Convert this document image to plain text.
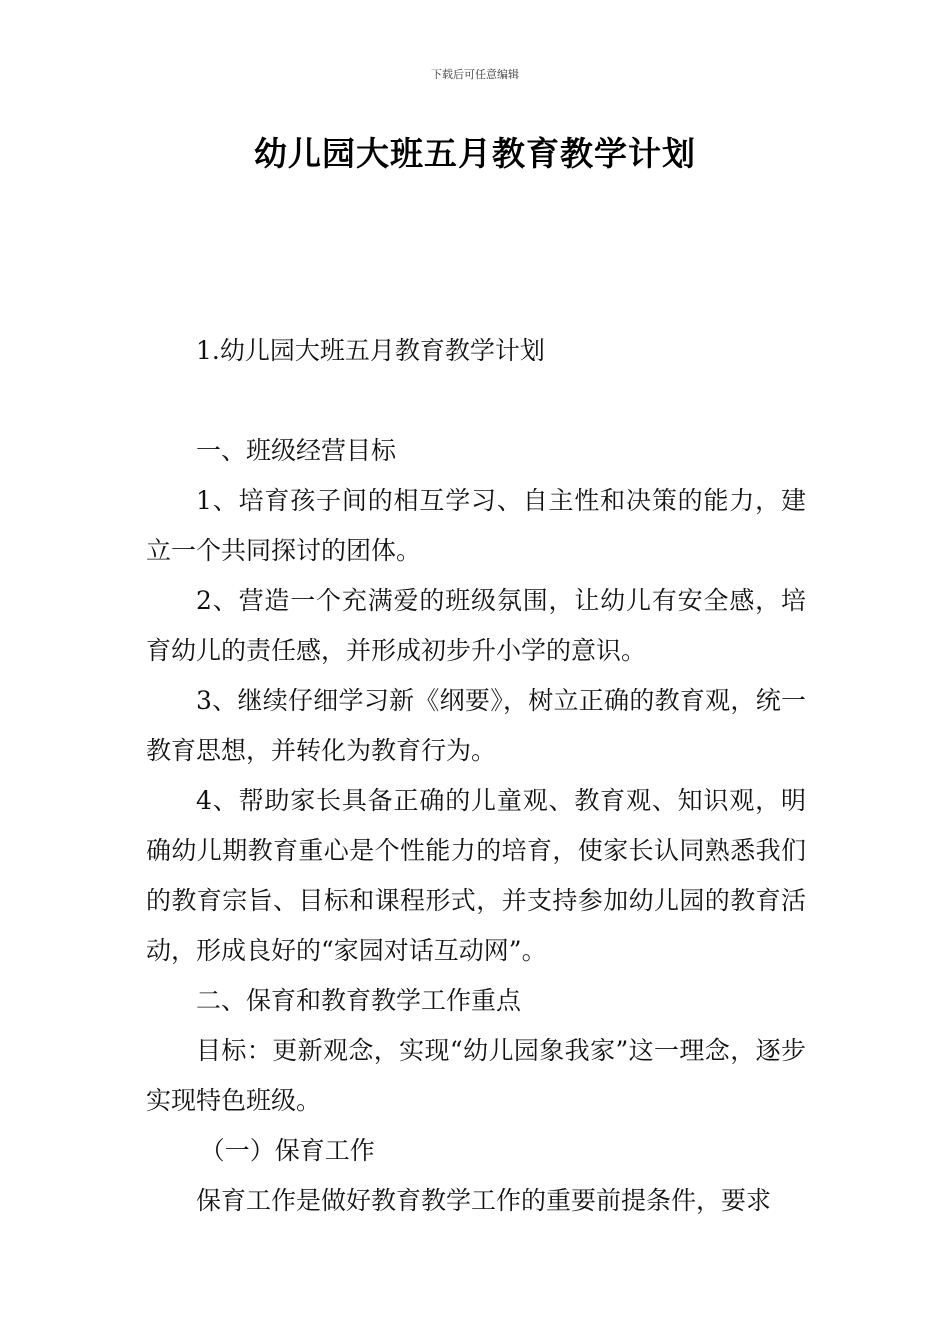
下载后可任意编辑
幼儿园大班五月教育教学计划

1.幼儿园大班五月教育教学计划

一、班级经营目标

1、培育孩子间的相互学习、自主性和决策的能力，建立一个共同探讨的团体。

2、营造一个充满爱的班级氛围，让幼儿有安全感，培育幼儿的责任感，并形成初步升小学的意识。

3、继续仔细学习新《纲要》，树立正确的教育观，统一教育思想，并转化为教育行为。

4、帮助家长具备正确的儿童观、教育观、知识观，明确幼儿期教育重心是个性能力的培育，使家长认同熟悉我们的教育宗旨、目标和课程形式，并支持参加幼儿园的教育活动，形成良好的“家园对话互动网”。

二、保育和教育教学工作重点

目标：更新观念，实现“幼儿园象我家”这一理念，逐步实现特色班级。

（一）保育工作

保育工作是做好教育教学工作的重要前提条件，要求
